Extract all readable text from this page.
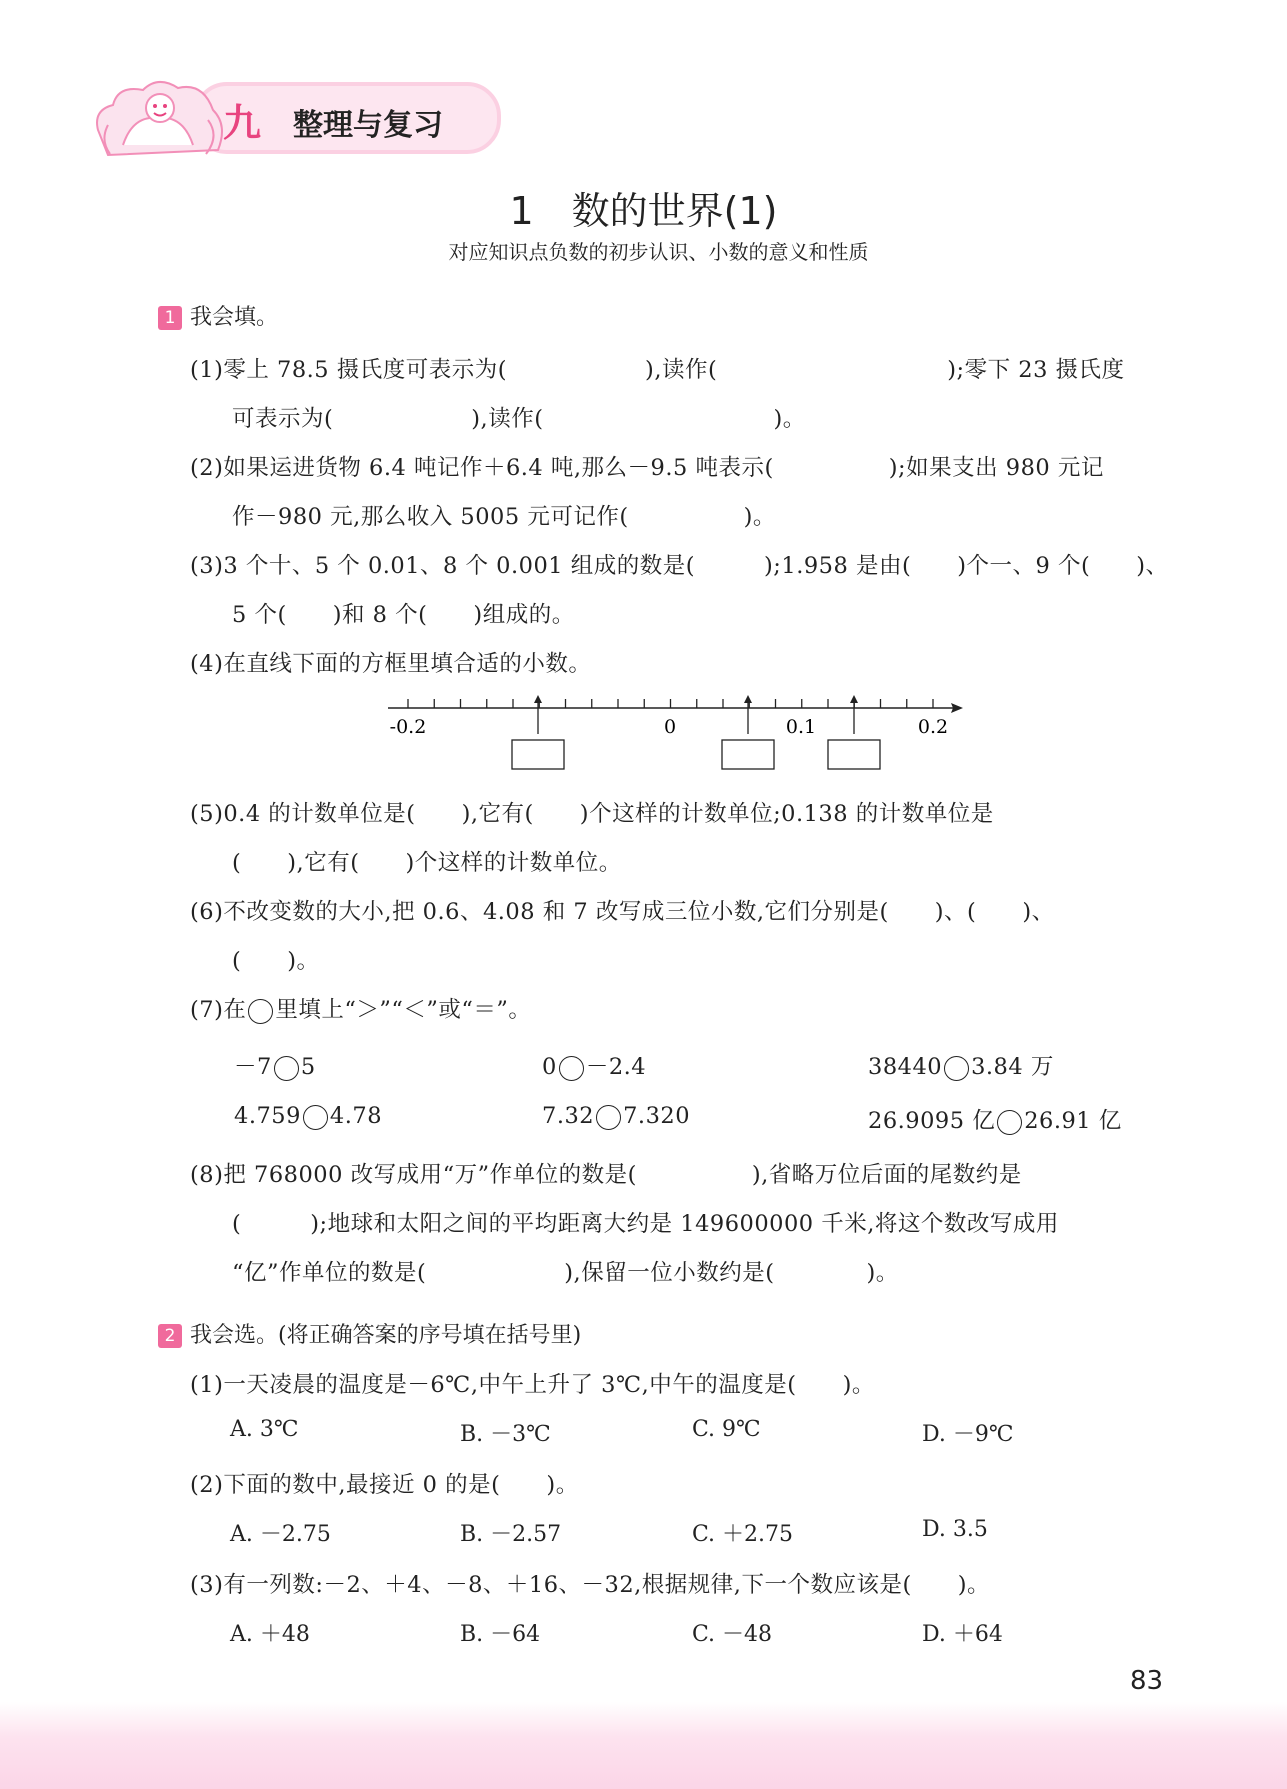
九 整理与复习
1　数的世界(1)
对应知识点负数的初步认识、小数的意义和性质
1 我会填。
(1)零上 78.5 摄氏度可表示为(　　　　　　),读作(　　　　　　　　　　);零下 23 摄氏度
可表示为(　　　　　　),读作(　　　　　　　　　　)。
(2)如果运进货物 6.4 吨记作＋6.4 吨,那么－9.5 吨表示(　　　　　);如果支出 980 元记
作－980 元,那么收入 5005 元可记作(　　　　　)。
(3)3 个十、5 个 0.01、8 个 0.001 组成的数是(　　　);1.958 是由(　　)个一、9 个(　　)、
5 个(　　)和 8 个(　　)组成的。
(4)在直线下面的方框里填合适的小数。
-0.2	0	0.1	0.2
(5)0.4 的计数单位是(　　),它有(　　)个这样的计数单位;0.138 的计数单位是
(　　),它有(　　)个这样的计数单位。
(6)不改变数的大小,把 0.6、4.08 和 7 改写成三位小数,它们分别是(　　)、(　　)、
(　　)。
(7)在 里填上“＞”“＜”或“＝”。
－7 5	0 －2.4	38440 3.84 万
4.759 4.78	7.32 7.320	26.9095 亿 26.91 亿
(8)把 768000 改写成用“万”作单位的数是(　　　　　),省略万位后面的尾数约是
(　　　);地球和太阳之间的平均距离大约是 149600000 千米,将这个数改写成用
“亿”作单位的数是(　　　　　　),保留一位小数约是(　　　　)。
2 我会选。(将正确答案的序号填在括号里)
(1)一天凌晨的温度是－6℃,中午上升了 3℃,中午的温度是(　　)。
A. 3℃	B. －3℃	C. 9℃	D. －9℃
(2)下面的数中,最接近 0 的是(　　)。
A. －2.75	B. －2.57	C. ＋2.75	D. 3.5
(3)有一列数:－2、＋4、－8、＋16、－32,根据规律,下一个数应该是(　　)。
A. ＋48	B. －64	C. －48	D. ＋64
83
